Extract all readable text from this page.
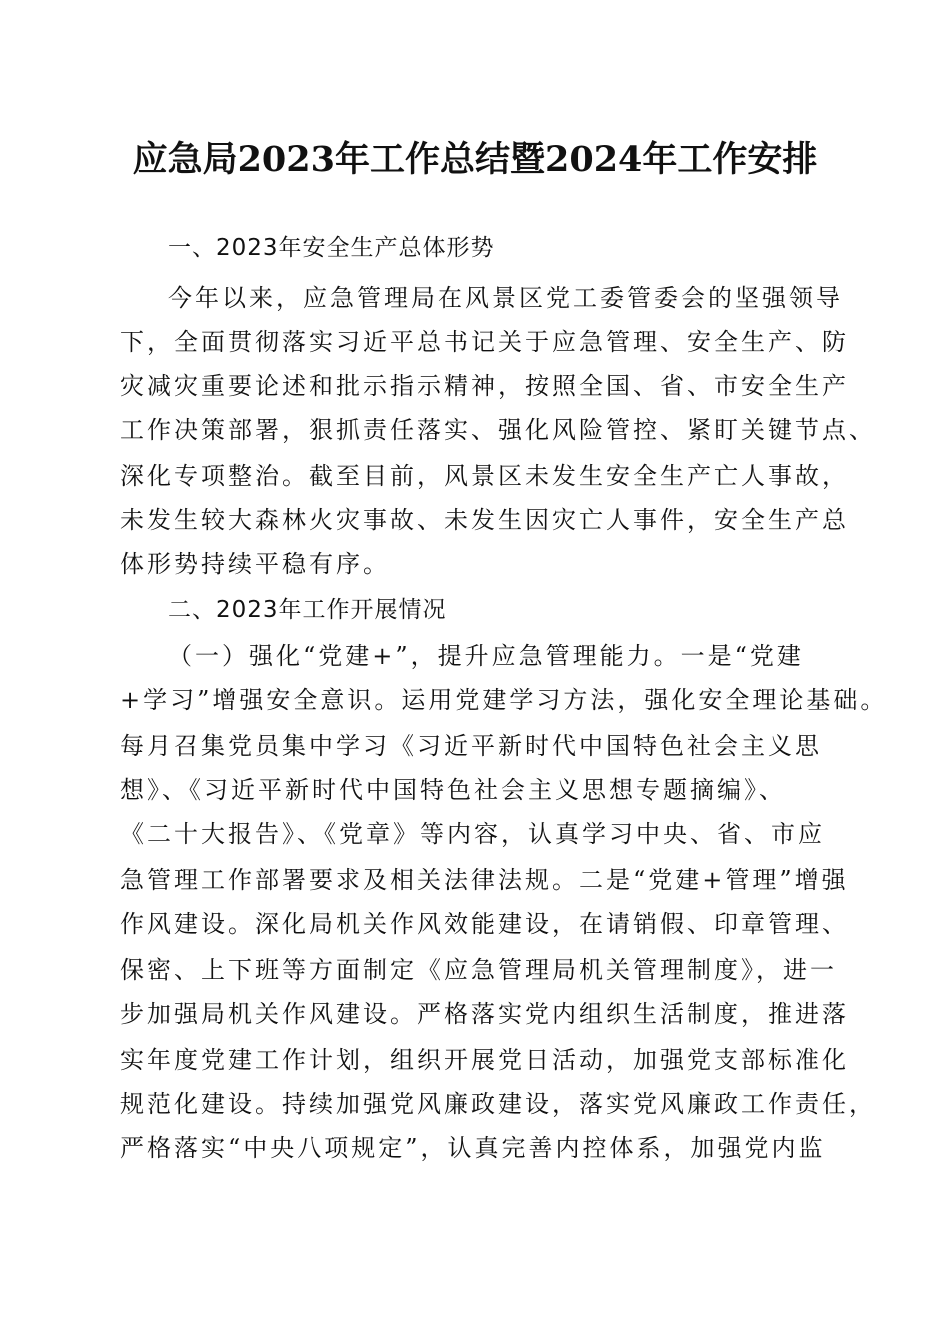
应急局2023年工作总结暨2024年工作安排
一、2023年安全生产总体形势
今年以来，应急管理局在风景区党工委管委会的坚强领导
下，全面贯彻落实习近平总书记关于应急管理、安全生产、防
灾减灾重要论述和批示指示精神，按照全国、省、市安全生产
工作决策部署，狠抓责任落实、强化风险管控、紧盯关键节点、
深化专项整治。截至目前，风景区未发生安全生产亡人事故，
未发生较大森林火灾事故、未发生因灾亡人事件，安全生产总
体形势持续平稳有序。
二、2023年工作开展情况
（一）强化“党建+”，提升应急管理能力。一是“党建
+学习”增强安全意识。运用党建学习方法，强化安全理论基础。
每月召集党员集中学习《习近平新时代中国特色社会主义思
想》、《习近平新时代中国特色社会主义思想专题摘编》、
《二十大报告》、《党章》等内容，认真学习中央、省、市应
急管理工作部署要求及相关法律法规。二是“党建+管理”增强
作风建设。深化局机关作风效能建设，在请销假、印章管理、
保密、上下班等方面制定《应急管理局机关管理制度》，进一
步加强局机关作风建设。严格落实党内组织生活制度，推进落
实年度党建工作计划，组织开展党日活动，加强党支部标准化
规范化建设。持续加强党风廉政建设，落实党风廉政工作责任，
严格落实“中央八项规定”，认真完善内控体系，加强党内监
